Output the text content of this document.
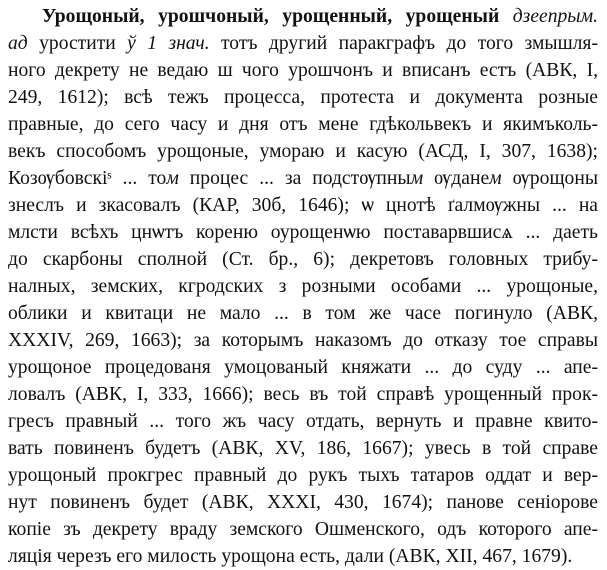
Урощоный, урошчоный, урощенный, урощеный дзеепрым.
ад уростити ў 1 знач. тотъ другий паракграфъ до того змышля-
ного декрету не ведаю ш чого урошчонъ и вписанъ естъ (АВК, I,
249, 1612); всѣ тежъ процесса, протеста и документа розные
правные, до сего часу и дня отъ мене гдѣкольвекъ и якимъколь-
векъ способомъ урощоные, умораю и касую (АСД, I, 307, 1638);
Козѹбовскiˢ ... том процес ... за подстѹпным ѹданем ѹрощоны
знеслъ и зкасовалъ (КАР, 30б, 1646); ѡ цнотѣ ґалмѹжны ... на
млсти всѣхъ цнѡтъ кореню оурощенѡю поставарвшисѧ ... даеть
до скарбоны сполной (Ст. бр., 6); декретовъ головных трибу-
налных, земских, кгродских з розными особами ... урощоные,
облики и квитаци не мало ... в том же часе погинуло (АВК,
XXXIV, 269, 1663); за которымъ наказомъ до отказу тое справы
урощоное процедованя умоцованый княжати ... до суду ... апе-
ловалъ (АВК, I, 333, 1666); весь въ той справѣ урощенный прок-
гресъ правный ... того жъ часу отдать, вернуть и правне квито-
вать повиненъ будетъ (АВК, XV, 186, 1667); увесь в той справе
урощоный прокгрес правный до рукъ тыхъ татаров оддат и вер-
нут повиненъ будет (АВК, XXXI, 430, 1674); панове сеніорове
копіе зъ декрету враду земского Ошменского, одъ которого апе-
ляція черезъ его милость урощона есть, дали (АВК, XII, 467, 1679).
